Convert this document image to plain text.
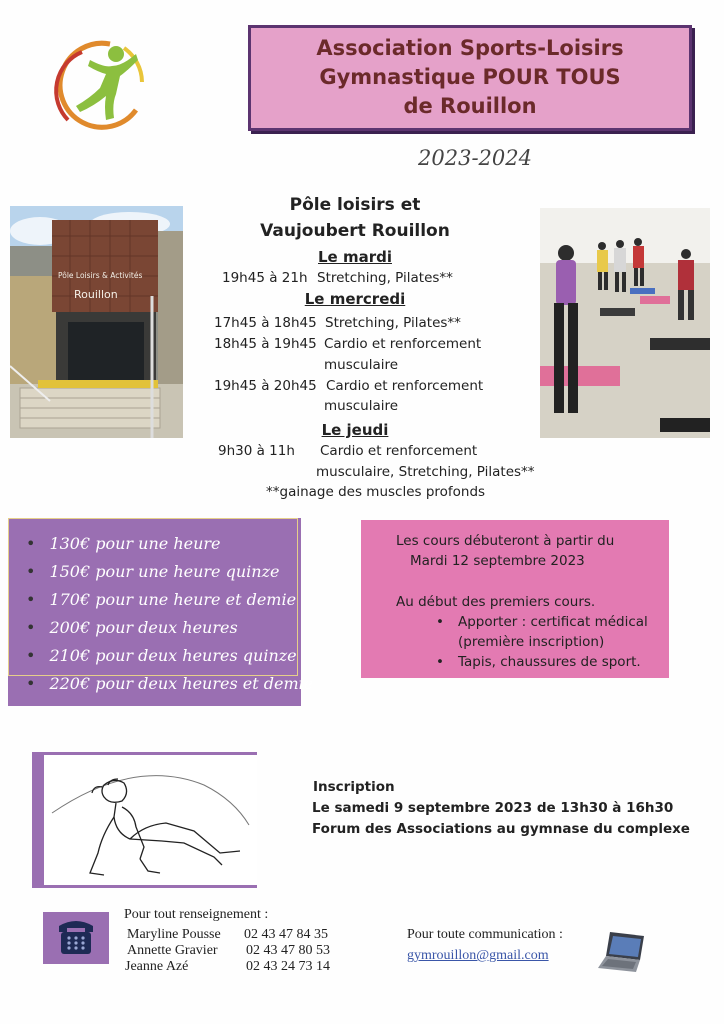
Association Sports-Loisirs
Gymnastique POUR TOUS
de Rouillon
2023-2024
Pôle Loisirs & Activités
Rouillon
Pôle loisirs et
Vaujoubert Rouillon
Le mardi
19h45 à 21h Stretching, Pilates**
Le mercredi
17h45 à 18h45 Stretching, Pilates**
18h45 à 19h45 Cardio et renforcement
musculaire
19h45 à 20h45 Cardio et renforcement
musculaire
Le jeudi
9h30 à 11h Cardio et renforcement
musculaire, Stretching, Pilates**
**gainage des muscles profonds
• 130€ pour une heure
• 150€ pour une heure quinze
• 170€ pour une heure et demie
• 200€ pour deux heures
• 210€ pour deux heures quinze
• 220€ pour deux heures et demie
Les cours débuteront à partir du
Mardi 12 septembre 2023
Au début des premiers cours.
• Apporter : certificat médical
(première inscription)
• Tapis, chaussures de sport.
Inscription
Le samedi 9 septembre 2023 de 13h30 à 16h30
Forum des Associations au gymnase du complexe
Pour tout renseignement :
Maryline Pousse 02 43 47 84 35
Annette Gravier 02 43 47 80 53
Jeanne Azé	02 43 24 73 14
Pour toute communication :
gymrouillon@gmail.com
